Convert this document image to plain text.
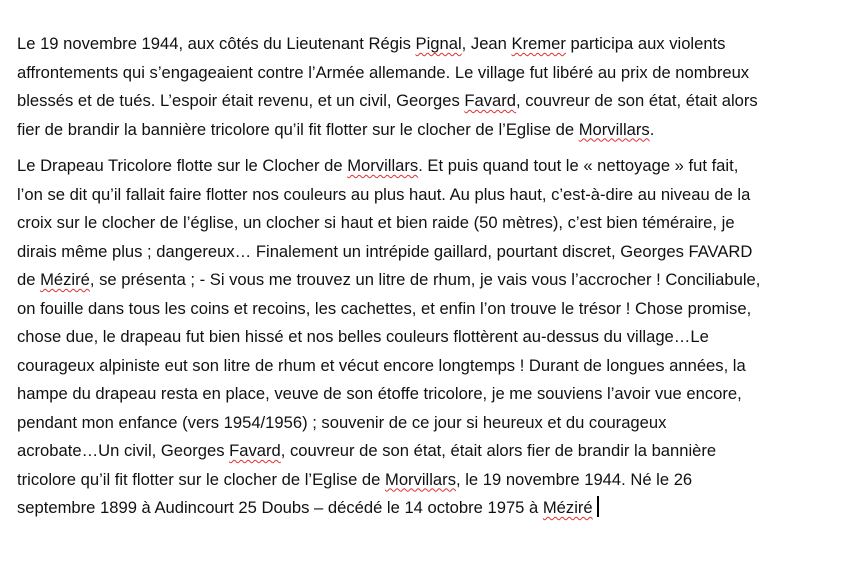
Le 19 novembre 1944, aux côtés du Lieutenant Régis Pignal, Jean Kremer participa aux violents
affrontements qui s’engageaient contre l’Armée allemande. Le village fut libéré au prix de nombreux
blessés et de tués. L’espoir était revenu, et un civil, Georges Favard, couvreur de son état, était alors
fier de brandir la bannière tricolore qu’il fit flotter sur le clocher de l’Eglise de Morvillars.

Le Drapeau Tricolore flotte sur le Clocher de Morvillars. Et puis quand tout le « nettoyage » fut fait,
l’on se dit qu’il fallait faire flotter nos couleurs au plus haut. Au plus haut, c’est-à-dire au niveau de la
croix sur le clocher de l’église, un clocher si haut et bien raide (50 mètres), c’est bien téméraire, je
dirais même plus ; dangereux… Finalement un intrépide gaillard, pourtant discret, Georges FAVARD
de Méziré, se présenta ; - Si vous me trouvez un litre de rhum, je vais vous l’accrocher ! Conciliabule,
on fouille dans tous les coins et recoins, les cachettes, et enfin l’on trouve le trésor ! Chose promise,
chose due, le drapeau fut bien hissé et nos belles couleurs flottèrent au-dessus du village…Le
courageux alpiniste eut son litre de rhum et vécut encore longtemps ! Durant de longues années, la
hampe du drapeau resta en place, veuve de son étoffe tricolore, je me souviens l’avoir vue encore,
pendant mon enfance (vers 1954/1956) ; souvenir de ce jour si heureux et du courageux
acrobate…Un civil, Georges Favard, couvreur de son état, était alors fier de brandir la bannière
tricolore qu’il fit flotter sur le clocher de l’Eglise de Morvillars, le 19 novembre 1944. Né le 26
septembre 1899 à Audincourt 25 Doubs – décédé le 14 octobre 1975 à Méziré
